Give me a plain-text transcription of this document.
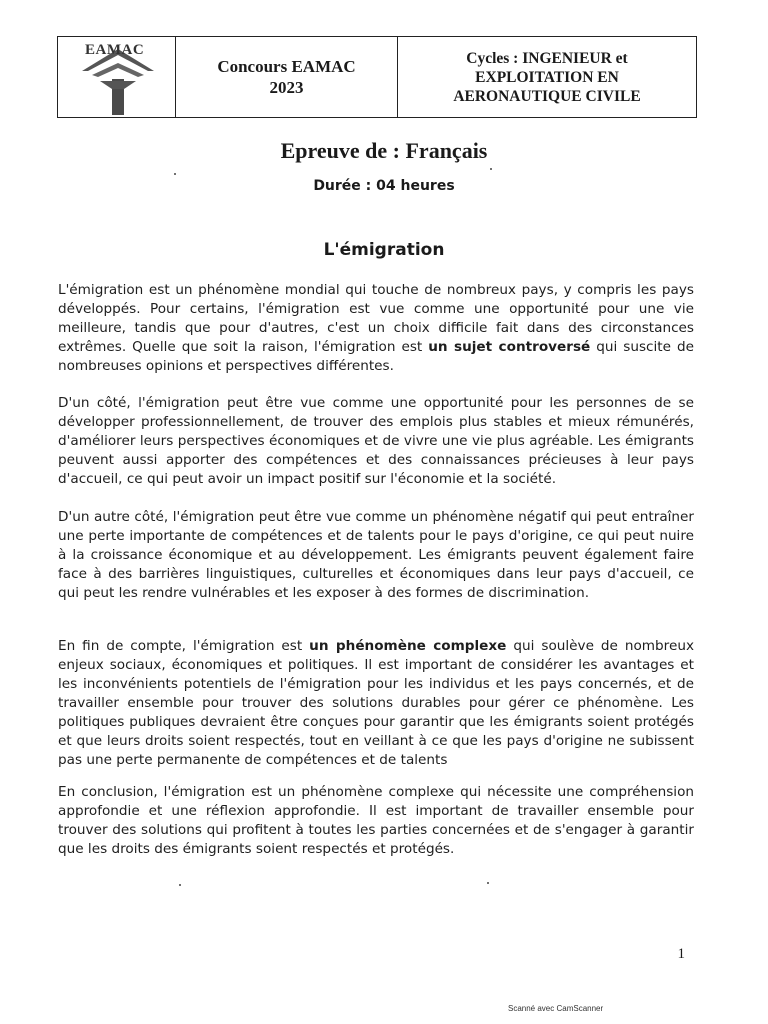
EAMAC
Concours EAMAC
2023
Cycles : INGENIEUR et
EXPLOITATION EN
AERONAUTIQUE CIVILE
Epreuve de : Français

Durée : 04 heures

L'émigration

L'émigration est un phénomène mondial qui touche de nombreux pays, y compris les pays développés. Pour certains, l'émigration est vue comme une opportunité pour une vie meilleure, tandis que pour d'autres, c'est un choix difficile fait dans des circonstances extrêmes. Quelle que soit la raison, l'émigration est un sujet controversé qui suscite de nombreuses opinions et perspectives différentes.

D'un côté, l'émigration peut être vue comme une opportunité pour les personnes de se développer professionnellement, de trouver des emplois plus stables et mieux rémunérés, d'améliorer leurs perspectives économiques et de vivre une vie plus agréable. Les émigrants peuvent aussi apporter des compétences et des connaissances précieuses à leur pays d'accueil, ce qui peut avoir un impact positif sur l'économie et la société.

D'un autre côté, l'émigration peut être vue comme un phénomène négatif qui peut entraîner une perte importante de compétences et de talents pour le pays d'origine, ce qui peut nuire à la croissance économique et au développement. Les émigrants peuvent également faire face à des barrières linguistiques, culturelles et économiques dans leur pays d'accueil, ce qui peut les rendre vulnérables et les exposer à des formes de discrimination.

En fin de compte, l'émigration est un phénomène complexe qui soulève de nombreux enjeux sociaux, économiques et politiques. Il est important de considérer les avantages et les inconvénients potentiels de l'émigration pour les individus et les pays concernés, et de travailler ensemble pour trouver des solutions durables pour gérer ce phénomène. Les politiques publiques devraient être conçues pour garantir que les émigrants soient protégés et que leurs droits soient respectés, tout en veillant à ce que les pays d'origine ne subissent pas une perte permanente de compétences et de talents

En conclusion, l'émigration est un phénomène complexe qui nécessite une compréhension approfondie et une réflexion approfondie. Il est important de travailler ensemble pour trouver des solutions qui profitent à toutes les parties concernées et de s'engager à garantir que les droits des émigrants soient respectés et protégés.

1
Scanné avec CamScanner
